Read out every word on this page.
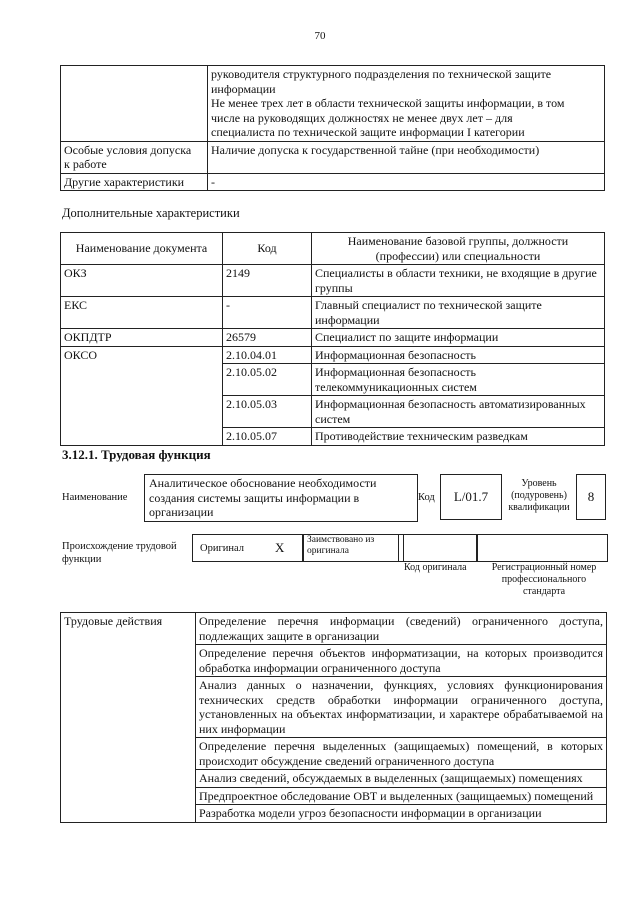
70

	руководителя структурного подразделения по технической защите
информации
Не менее трех лет в области технической защиты информации, в том
числе на руководящих должностях не менее двух лет – для
специалиста по технической защите информации I категории

Особые условия допуска
к работе	Наличие допуска к государственной тайне (при необходимости)
Другие характеристики	-
Дополнительные характеристики
Наименование документа	Код	Наименование базовой группы, должности
(профессии) или специальности

ОКЗ	2149	Специалисты в области техники, не входящие в другие группы
ЕКС	-	Главный специалист по технической защите информации
ОКПДТР	26579	Специалист по защите информации
ОКСО	2.10.04.01	Информационная безопасность
	2.10.05.02	Информационная безопасность телекоммуникационных систем
	2.10.05.03	Информационная безопасность автоматизированных систем
	2.10.05.07	Противодействие техническим разведкам
3.12.1. Трудовая функция
Наименование
Аналитическое обоснование необходимости создания системы защиты информации в организации
Код	L/01.7
Уровень
(подуровень)
квалификации
8
Происхождение трудовой
функции
Оригинал X Заимствовано из
оригинала
Код оригинала	Регистрационный номер
профессионального
стандарта
Трудовые действия	Определение перечня информации (сведений) ограниченного доступа, подлежащих защите в организации
Определение перечня объектов информатизации, на которых производится обработка информации ограниченного доступа
Анализ данных о назначении, функциях, условиях функционирования технических средств обработки информации ограниченного доступа, установленных на объектах информатизации, и характере обрабатываемой на них информации
Определение перечня выделенных (защищаемых) помещений, в которых происходит обсуждение сведений ограниченного доступа
Анализ сведений, обсуждаемых в выделенных (защищаемых) помещениях
Предпроектное обследование ОВТ и выделенных (защищаемых) помещений
Разработка модели угроз безопасности информации в организации
